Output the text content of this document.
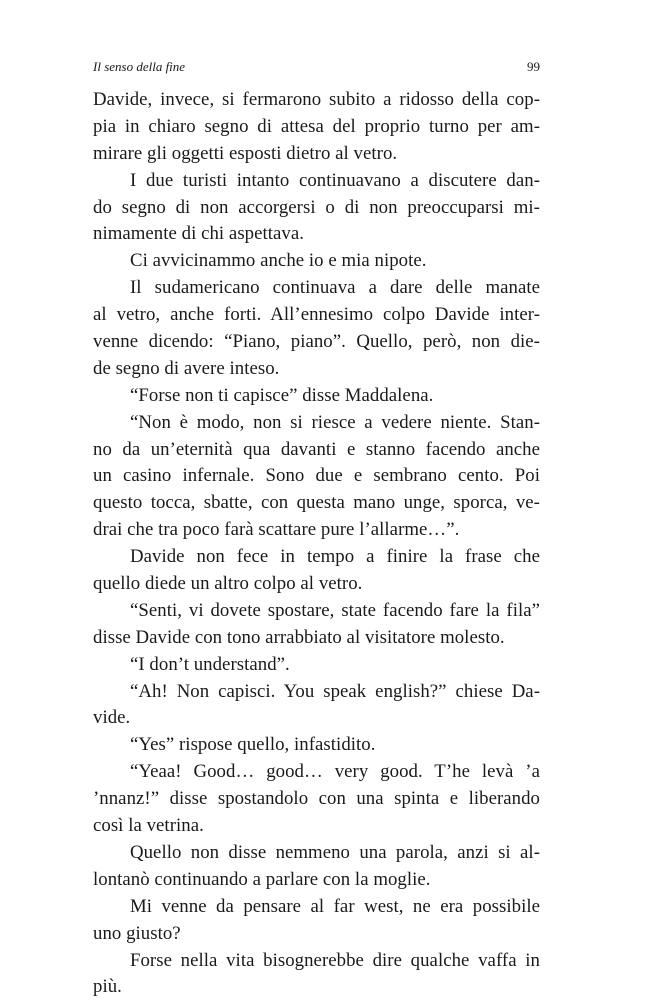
Il senso della fine	99
Davide, invece, si fermarono subito a ridosso della cop-
pia in chiaro segno di attesa del proprio turno per am-
mirare gli oggetti esposti dietro al vetro.
I due turisti intanto continuavano a discutere dan-
do segno di non accorgersi o di non preoccuparsi mi-
nimamente di chi aspettava.
Ci avvicinammo anche io e mia nipote.
Il sudamericano continuava a dare delle manate
al vetro, anche forti. All’ennesimo colpo Davide inter-
venne dicendo: “Piano, piano”. Quello, però, non die-
de segno di avere inteso.
“Forse non ti capisce” disse Maddalena.
“Non è modo, non si riesce a vedere niente. Stan-
no da un’eternità qua davanti e stanno facendo anche
un casino infernale. Sono due e sembrano cento. Poi
questo tocca, sbatte, con questa mano unge, sporca, ve-
drai che tra poco farà scattare pure l’allarme…”.
Davide non fece in tempo a finire la frase che
quello diede un altro colpo al vetro.
“Senti, vi dovete spostare, state facendo fare la fila”
disse Davide con tono arrabbiato al visitatore molesto.
“I don’t understand”.
“Ah! Non capisci. You speak english?” chiese Da-
vide.
“Yes” rispose quello, infastidito.
“Yeaa! Good… good… very good. T’he levà ’a
’nnanz!” disse spostandolo con una spinta e liberando
così la vetrina.
Quello non disse nemmeno una parola, anzi si al-
lontanò continuando a parlare con la moglie.
Mi venne da pensare al far west, ne era possibile
uno giusto?
Forse nella vita bisognerebbe dire qualche vaffa in
più.
